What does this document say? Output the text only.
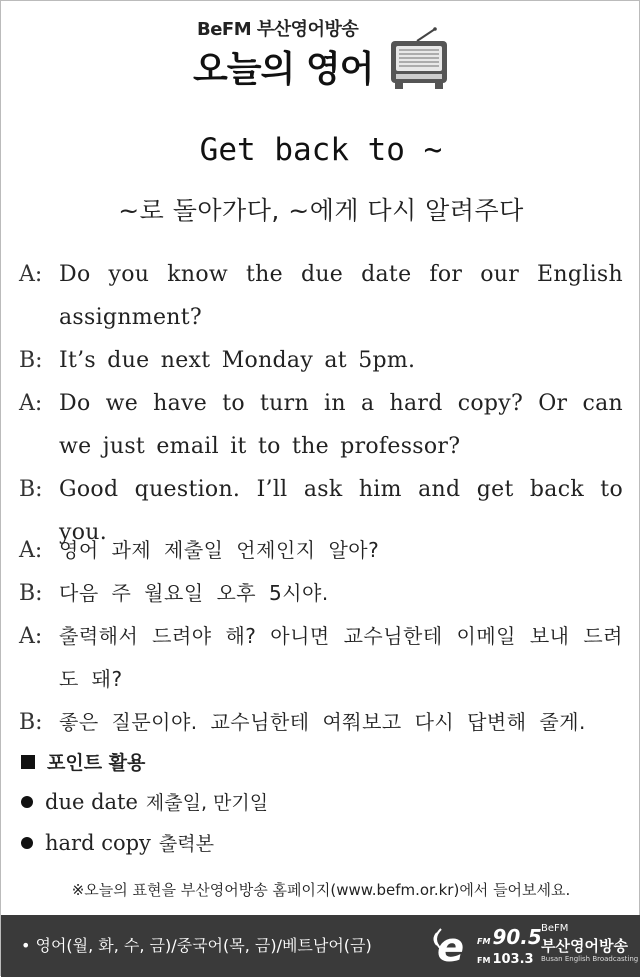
BeFM 부산영어방송
오늘의 영어
Get back to ~
~로 돌아가다, ~에게 다시 알려주다
A: Do you know the due date for our English assignment?
B: It’s due next Monday at 5pm.
A: Do we have to turn in a hard copy? Or can we just email it to the professor?
B: Good question. I’ll ask him and get back to you.
A: 영어 과제 제출일 언제인지 알아?
B: 다음 주 월요일 오후 5시야.
A: 출력해서 드려야 해? 아니면 교수님한테 이메일 보내 드려도 돼?
B: 좋은 질문이야. 교수님한테 여쭤보고 다시 답변해 줄게.
포인트 활용
due date 제출일, 만기일
hard copy 출력본
※오늘의 표현을 부산영어방송 홈페이지(www.befm.or.kr)에서 들어보세요.
• 영어(월, 화, 수, 금)/중국어(목, 금)/베트남어(금) e FM 90.5
FM 103.3
BeFM
부산영어방송
Busan English Broadcasting
